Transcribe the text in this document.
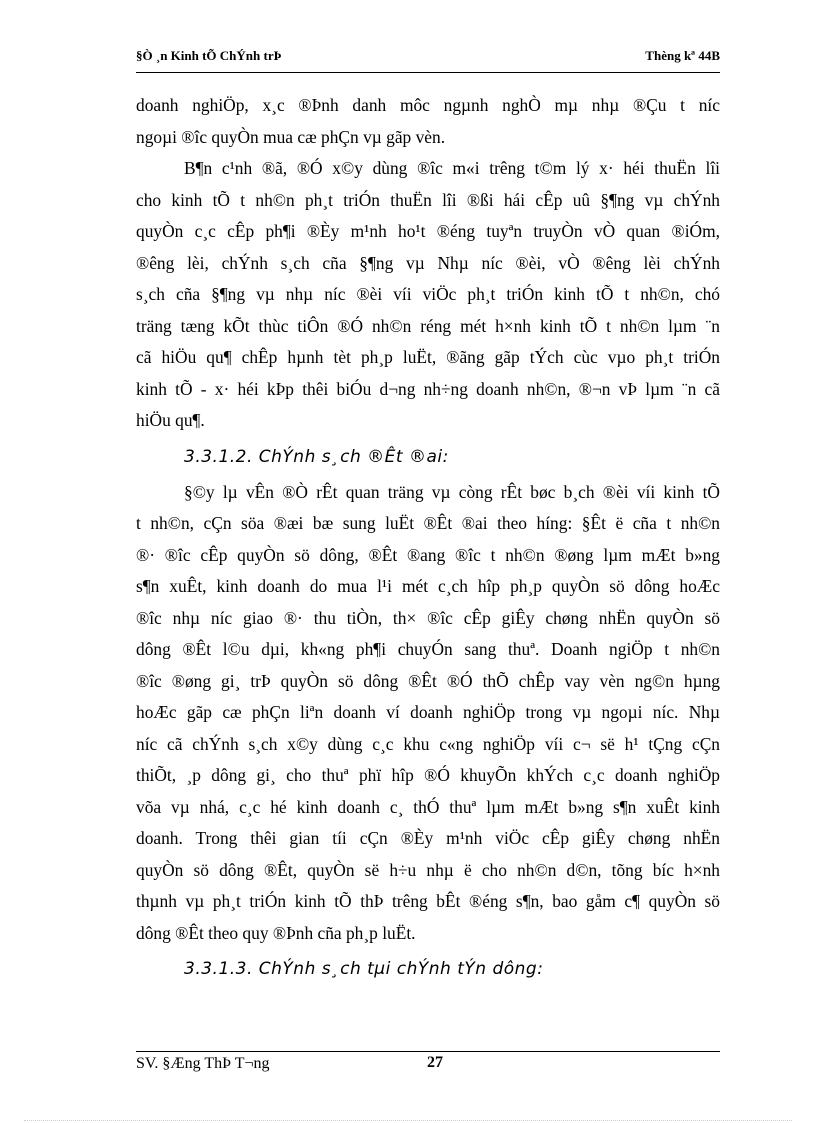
§Ò ¸n Kinh tÕ ChÝnh trÞ	Thèng kª 44B

doanh nghiÖp, x¸c ®Þnh danh môc ngµnh nghÒ mµ nhµ ®Çu t níc
ngoµi ®îc quyÒn mua cæ phÇn vµ gãp vèn.

B¶n c¹nh ®ã, ®Ó x©y dùng ®îc m«i trêng t©m lý x· héi thuËn lîi
cho kinh tÕ t nh©n ph¸t triÓn thuËn lîi ®ßi hái cÊp uû §¶ng vµ chÝnh
quyÒn c¸c cÊp ph¶i ®Èy m¹nh ho¹t ®éng tuyªn truyÒn vÒ quan ®iÓm,
®êng lèi, chÝnh s¸ch cña §¶ng vµ Nhµ níc ®èi, vÒ ®êng lèi chÝnh
s¸ch cña §¶ng vµ nhµ níc ®èi víi viÖc ph¸t triÓn kinh tÕ t nh©n, chó
träng tæng kÕt thùc tiÔn ®Ó nh©n réng mét h×nh kinh tÕ t nh©n lµm ¨n
cã hiÖu qu¶ chÊp hµnh tèt ph¸p luËt, ®ãng gãp tÝch cùc vµo ph¸t triÓn
kinh tÕ - x· héi kÞp thêi biÓu d¬ng nh÷ng doanh nh©n, ®¬n vÞ lµm ¨n cã
hiÖu qu¶.

3.3.1.2. ChÝnh s¸ch ®Êt ®ai:

§©y lµ vÊn ®Ò rÊt quan träng vµ còng rÊt bøc b¸ch ®èi víi kinh tÕ
t nh©n, cÇn söa ®æi bæ sung luËt ®Êt ®ai theo híng: §Êt ë cña t nh©n
®· ®îc cÊp quyÒn sö dông, ®Êt ®ang ®îc t nh©n ®øng lµm mÆt b»ng
s¶n xuÊt, kinh doanh do mua l¹i mét c¸ch hîp ph¸p quyÒn sö dông hoÆc
®îc nhµ níc giao ®· thu tiÒn, th× ®îc cÊp giÊy chøng nhËn quyÒn sö
dông ®Êt l©u dµi, kh«ng ph¶i chuyÓn sang thuª. Doanh ngiÖp t nh©n
®îc ®øng gi¸ trÞ quyÒn sö dông ®Êt ®Ó thÕ chÊp vay vèn ng©n hµng
hoÆc gãp cæ phÇn liªn doanh ví doanh nghiÖp trong vµ ngoµi níc. Nhµ
níc cã chÝnh s¸ch x©y dùng c¸c khu c«ng nghiÖp víi c¬ së h¹ tÇng cÇn
thiÕt, ¸p dông gi¸ cho thuª phï hîp ®Ó khuyÕn khÝch c¸c doanh nghiÖp
võa vµ nhá, c¸c hé kinh doanh c¸ thÓ thuª lµm mÆt b»ng s¶n xuÊt kinh
doanh. Trong thêi gian tíi cÇn ®Èy m¹nh viÖc cÊp giÊy chøng nhËn
quyÒn sö dông ®Êt, quyÒn së h÷u nhµ ë cho nh©n d©n, tõng bíc h×nh
thµnh vµ ph¸t triÓn kinh tÕ thÞ trêng bÊt ®éng s¶n, bao gåm c¶ quyÒn sö
dông ®Êt theo quy ®Þnh cña ph¸p luËt.

3.3.1.3. ChÝnh s¸ch tµi chÝnh tÝn dông:

SV. §Æng ThÞ T¬ng	27
